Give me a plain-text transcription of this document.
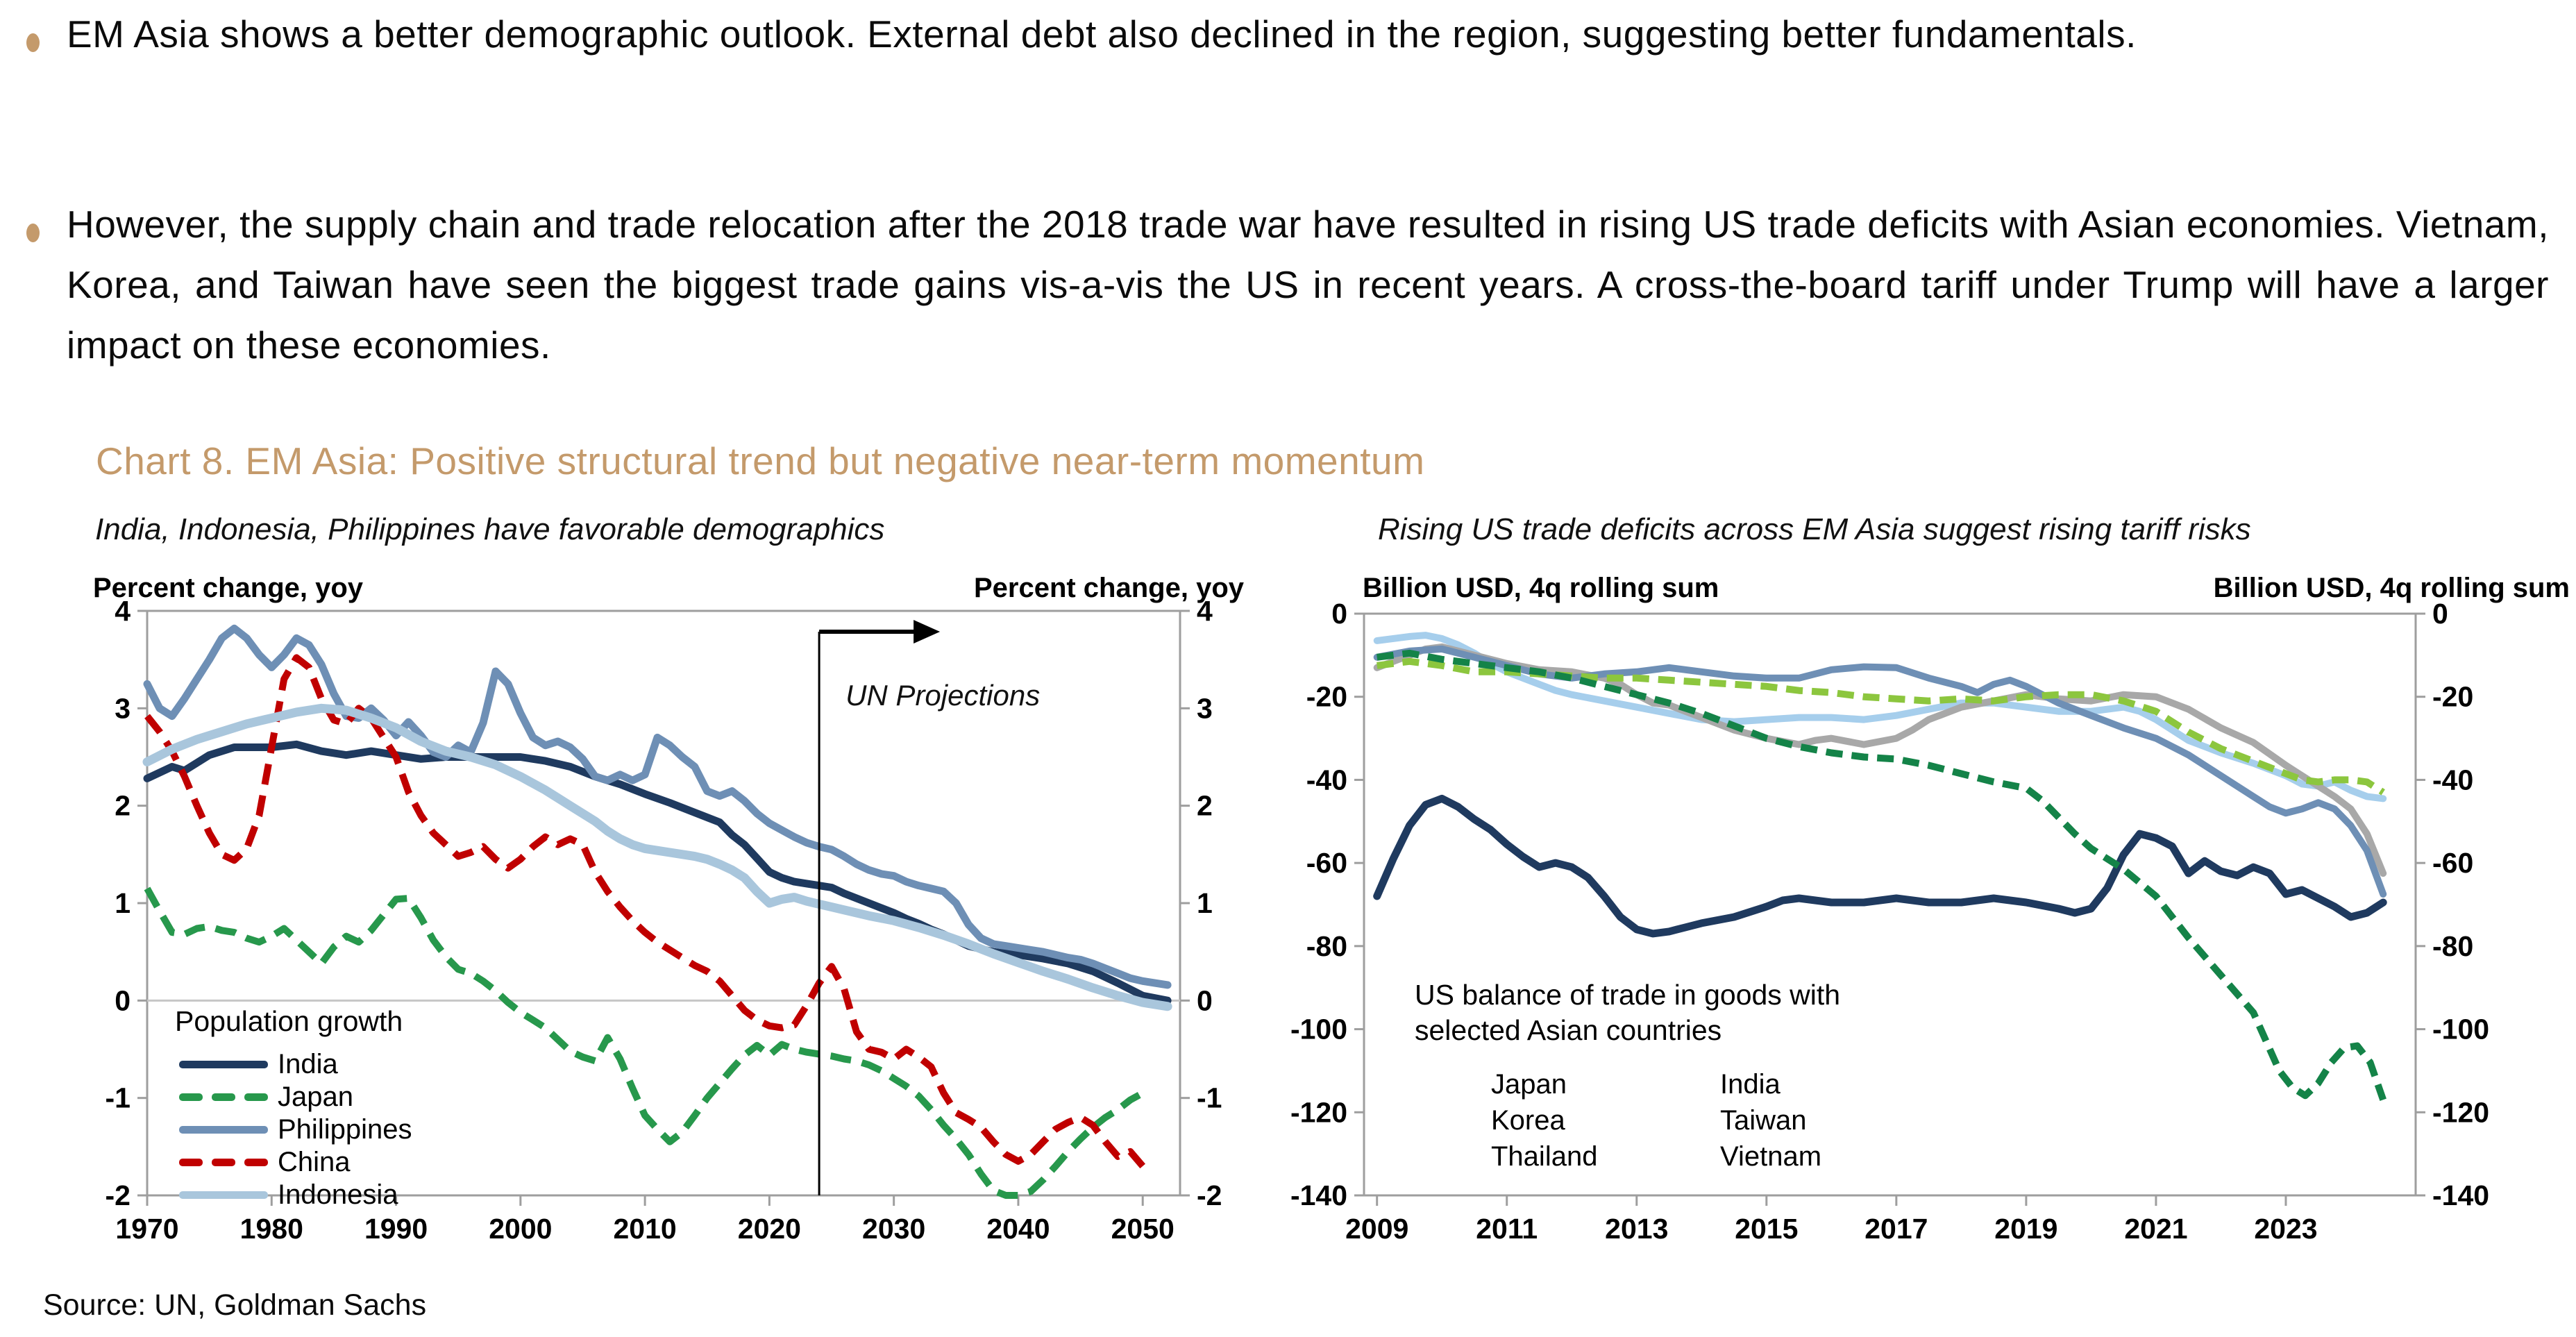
EM Asia shows a better demographic outlook. External debt also declined in the region, suggesting better fundamentals.
However, the supply chain and trade relocation after the 2018 trade war have resulted in rising US trade deficits with Asian economies. Vietnam, Korea, and Taiwan have seen the biggest trade gains vis-a-vis the US in recent years. A cross-the-board tariff under Trump will have a larger impact on these economies.
Chart 8. EM Asia: Positive structural trend but negative near-term momentum
India, Indonesia, Philippines have favorable demographics	Rising US trade deficits across EM Asia suggest rising tariff risks
Percent change, yoy	Percent change, yoy
-2	-2
-1	-1
0	0
1	1
2	2
3	3
4	4
1970 1980 1990 2000 2010 2020 2030 2040 2050
UN Projections
Population growth
India
Japan
Philippines
China
Indonesia
Billion USD, 4q rolling sum	Billion USD, 4q rolling sum
0	0
-20	-20
-40	-40
-60	-60
-80	-80
-100	-100
-120	-120
-140	-140
2009 2011 2013 2015 2017 2019 2021 2023
US balance of trade in goods with selected Asian countries
Japan	India
Korea	Taiwan
Thailand	Vietnam
Source: UN, Goldman Sachs
